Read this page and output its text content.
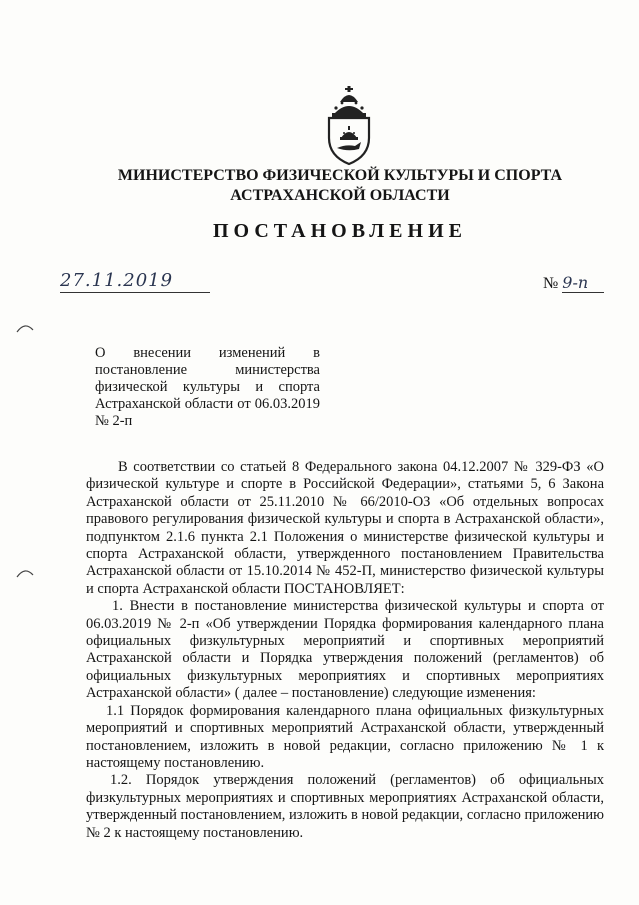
МИНИСТЕРСТВО ФИЗИЧЕСКОЙ КУЛЬТУРЫ И СПОРТА
АСТРАХАНСКОЙ ОБЛАСТИ
ПОСТАНОВЛЕНИЕ
27.11.2019	№ 9-п
О внесении изменений в постановление министерства физической культуры и спорта Астраханской области от 06.03.2019 № 2-п

В соответствии со статьей 8 Федерального закона 04.12.2007 № 329-ФЗ «О физической культуре и спорте в Российской Федерации», статьями 5, 6 Закона Астраханской области от 25.11.2010 № 66/2010-ОЗ «Об отдельных вопросах правового регулирования физической культуры и спорта в Астраханской области», подпунктом 2.1.6 пункта 2.1 Положения о министерстве физической культуры и спорта Астраханской области, утвержденного постановлением Правительства Астраханской области от 15.10.2014 № 452-П, министерство физической культуры и спорта Астраханской области ПОСТАНОВЛЯЕТ:

1. Внести в постановление министерства физической культуры и спорта от 06.03.2019 № 2-п «Об утверждении Порядка формирования календарного плана официальных физкультурных мероприятий и спортивных мероприятий Астраханской области и Порядка утверждения положений (регламентов) об официальных физкультурных мероприятиях и спортивных мероприятиях Астраханской области» ( далее – постановление) следующие изменения:

1.1 Порядок формирования календарного плана официальных физкультурных мероприятий и спортивных мероприятий Астраханской области, утвержденный постановлением, изложить в новой редакции, согласно приложению № 1 к настоящему постановлению.

1.2. Порядок утверждения положений (регламентов) об официальных физкультурных мероприятиях и спортивных мероприятиях Астраханской области, утвержденный постановлением, изложить в новой редакции, согласно приложению № 2 к настоящему постановлению.
